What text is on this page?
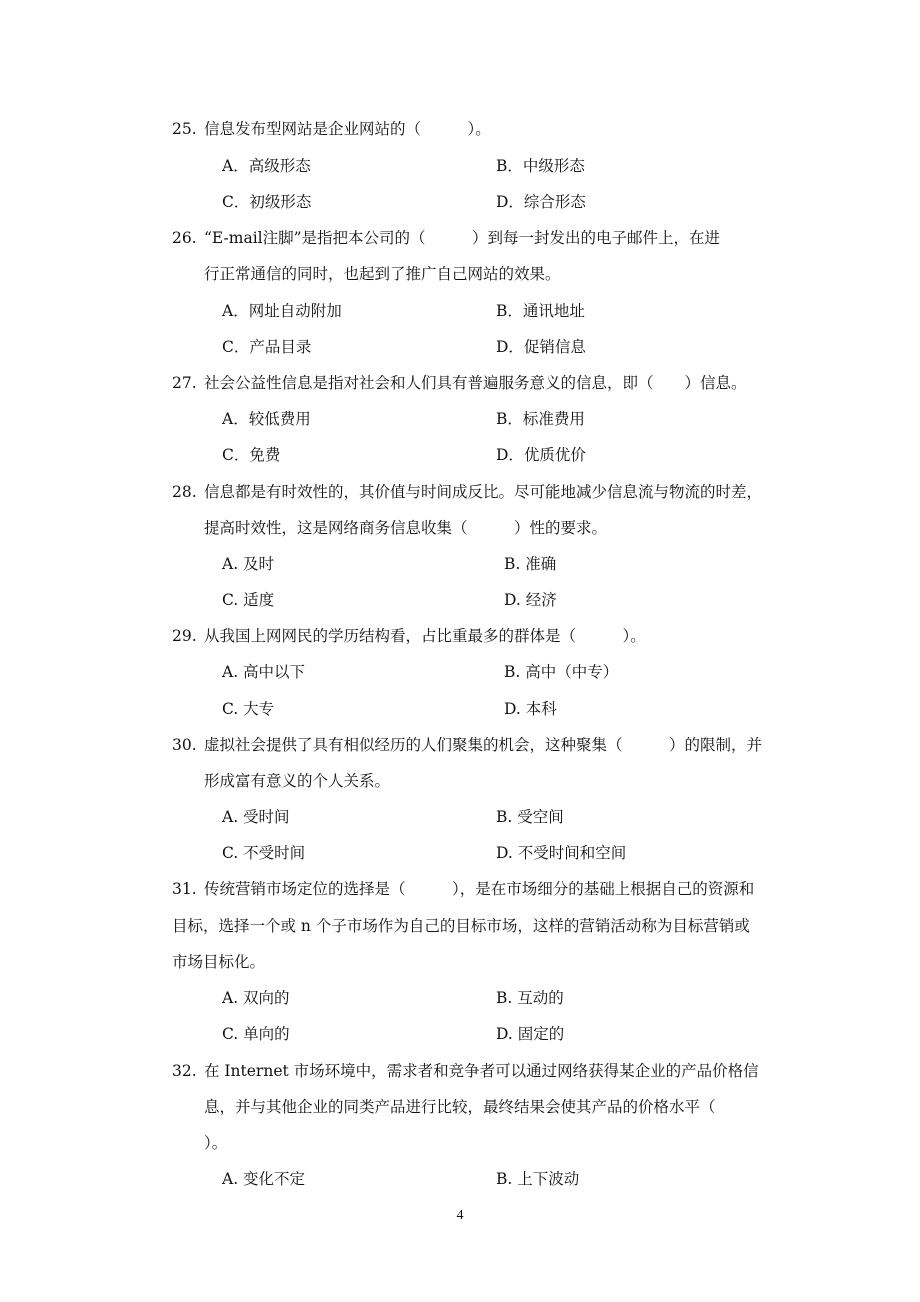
25. 信息发布型网站是企业网站的（　　　）。
A．高级形态	B．中级形态
C．初级形态	D．综合形态
26. “E-mail注脚”是指把本公司的（　　　）到每一封发出的电子邮件上，在进
行正常通信的同时，也起到了推广自己网站的效果。
A．网址自动附加	B．通讯地址
C．产品目录	D．促销信息
27. 社会公益性信息是指对社会和人们具有普遍服务意义的信息，即（　　）信息。
A．较低费用	B．标准费用
C．免费	D．优质优价
28. 信息都是有时效性的，其价值与时间成反比。尽可能地减少信息流与物流的时差，
提高时效性，这是网络商务信息收集（　　　）性的要求。
A. 及时	B. 准确
C. 适度	D. 经济
29. 从我国上网网民的学历结构看，占比重最多的群体是（　　　）。
A. 高中以下	B. 高中（中专）
C. 大专	D. 本科
30. 虚拟社会提供了具有相似经历的人们聚集的机会，这种聚集（　　　）的限制，并
形成富有意义的个人关系。
A. 受时间	B. 受空间
C. 不受时间	D. 不受时间和空间
31. 传统营销市场定位的选择是（　　　），是在市场细分的基础上根据自己的资源和
目标，选择一个或 n 个子市场作为自己的目标市场，这样的营销活动称为目标营销或
市场目标化。
A. 双向的	B. 互动的
C. 单向的	D. 固定的
32. 在 Internet 市场环境中，需求者和竞争者可以通过网络获得某企业的产品价格信
息，并与其他企业的同类产品进行比较，最终结果会使其产品的价格水平（
）。
A. 变化不定	B. 上下波动
4
